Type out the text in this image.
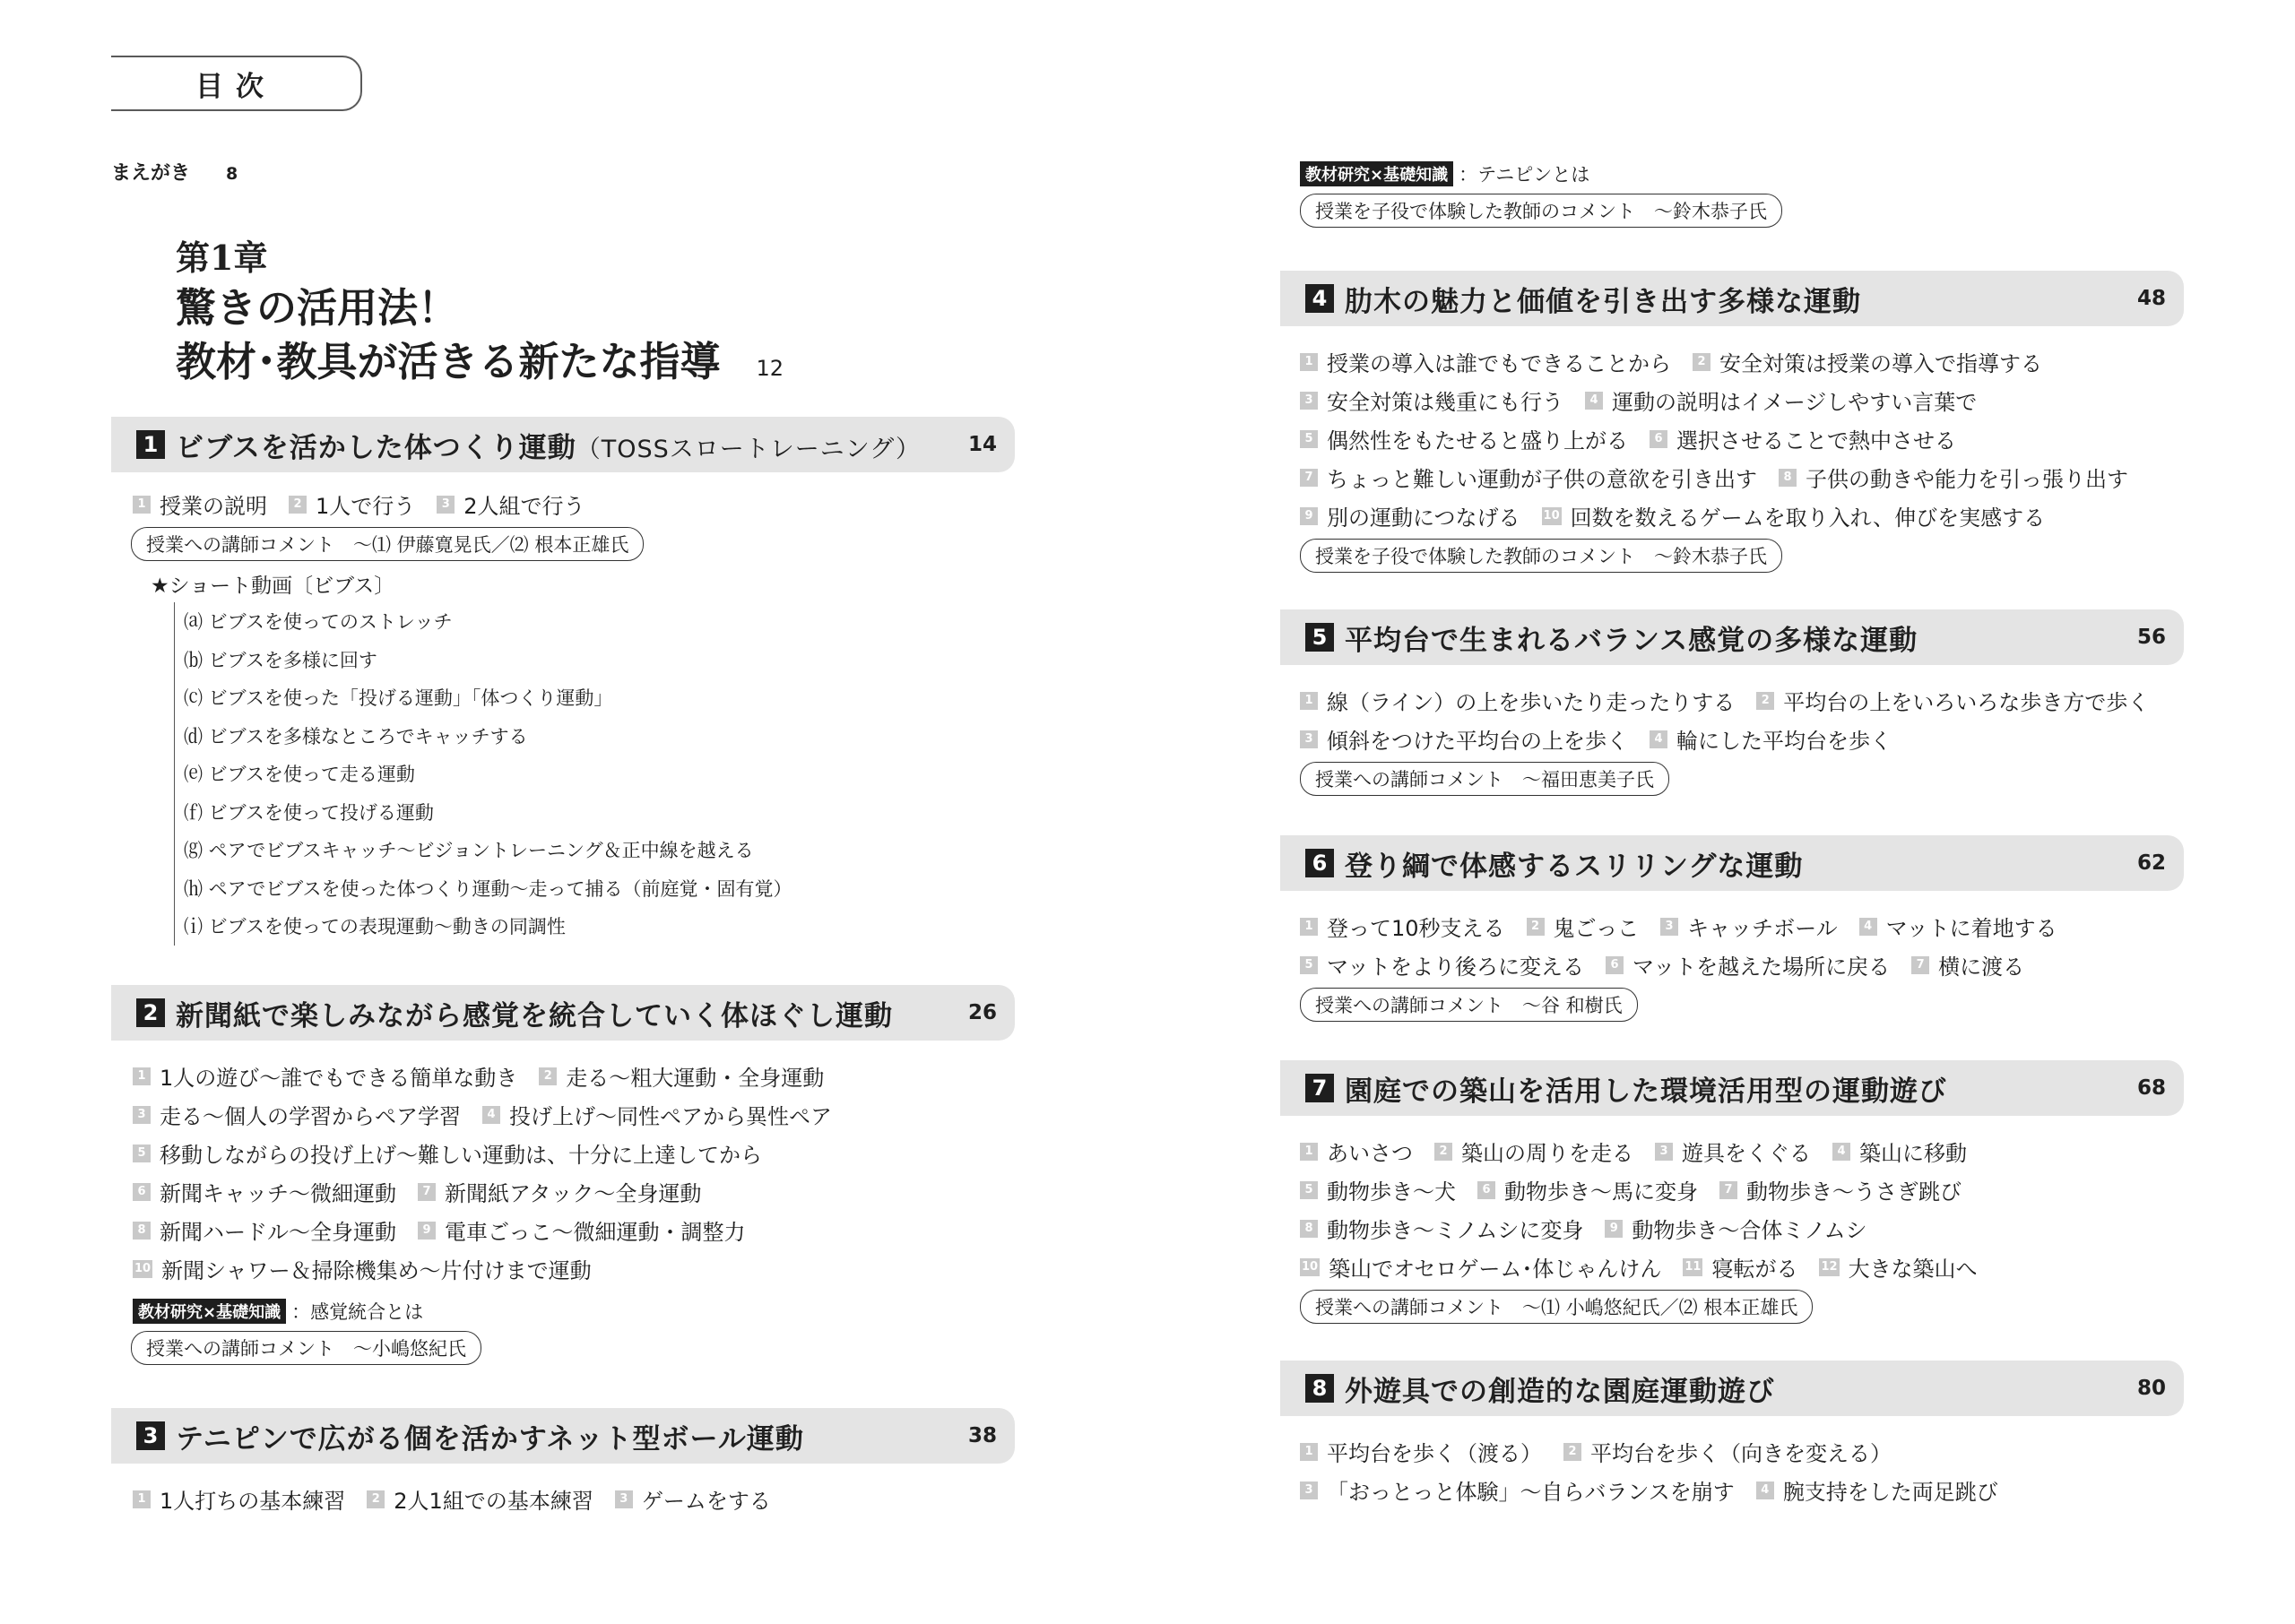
目次
まえがき 8
第1章
驚きの活用法！
教材･教具が活きる新たな指導 12
1 ビブスを活かした体つくり運動（TOSSスロートレーニング） 14
1 授業の説明	2 1人で行う	3 2人組で行う
授業への講師コメント　～⑴ 伊藤寛晃氏／⑵ 根本正雄氏
★ショート動画〔ビブス〕
⒜ ビブスを使ってのストレッチ
⒝ ビブスを多様に回す
⒞ ビブスを使った「投げる運動」「体つくり運動」
⒟ ビブスを多様なところでキャッチする
⒠ ビブスを使って走る運動
⒡ ビブスを使って投げる運動
⒢ ペアでビブスキャッチ～ビジョントレーニング＆正中線を越える
⒣ ペアでビブスを使った体つくり運動～走って捕る（前庭覚・固有覚）
⒤ ビブスを使っての表現運動～動きの同調性
2 新聞紙で楽しみながら感覚を統合していく体ほぐし運動	26
1 1人の遊び～誰でもできる簡単な動き	2 走る～粗大運動・全身運動
3 走る～個人の学習からペア学習	4 投げ上げ～同性ペアから異性ペア
5 移動しながらの投げ上げ～難しい運動は、十分に上達してから
6 新聞キャッチ～微細運動	7 新聞紙アタック～全身運動
8 新聞ハードル～全身運動	9 電車ごっこ～微細運動・調整力
10 新聞シャワー＆掃除機集め～片付けまで運動
教材研究×基礎知識 ：感覚統合とは
授業への講師コメント　～小嶋悠紀氏
3 テニピンで広がる個を活かすネット型ボール運動	38
1 1人打ちの基本練習	2 2人1組での基本練習	3 ゲームをする
教材研究×基礎知識 ：テニピンとは
授業を子役で体験した教師のコメント　～鈴木恭子氏
4 肋木の魅力と価値を引き出す多様な運動	48
1 授業の導入は誰でもできることから	2 安全対策は授業の導入で指導する
3 安全対策は幾重にも行う	4 運動の説明はイメージしやすい言葉で
5 偶然性をもたせると盛り上がる	6 選択させることで熱中させる
7 ちょっと難しい運動が子供の意欲を引き出す	8 子供の動きや能力を引っ張り出す
9 別の運動につなげる 10 回数を数えるゲームを取り入れ、伸びを実感する
授業を子役で体験した教師のコメント　～鈴木恭子氏
5 平均台で生まれるバランス感覚の多様な運動	56
1 線（ライン）の上を歩いたり走ったりする	2 平均台の上をいろいろな歩き方で歩く
3 傾斜をつけた平均台の上を歩く	4 輪にした平均台を歩く
授業への講師コメント　～福田恵美子氏
6 登り綱で体感するスリリングな運動	62
1 登って10秒支える	2 鬼ごっこ	3 キャッチボール	4 マットに着地する
5 マットをより後ろに変える	6 マットを越えた場所に戻る	7 横に渡る
授業への講師コメント　～谷 和樹氏
7 園庭での築山を活用した環境活用型の運動遊び	68
1 あいさつ	2 築山の周りを走る	3 遊具をくぐる	4 築山に移動
5 動物歩き～犬	6 動物歩き～馬に変身	7 動物歩き～うさぎ跳び
8 動物歩き～ミノムシに変身	9 動物歩き～合体ミノムシ
10 築山でオセロゲーム･体じゃんけん 11 寝転がる 12 大きな築山へ
授業への講師コメント　～⑴ 小嶋悠紀氏／⑵ 根本正雄氏
8 外遊具での創造的な園庭運動遊び	80
1 平均台を歩く（渡る）	2 平均台を歩く（向きを変える）
3 「おっとっと体験」～自らバランスを崩す	4 腕支持をした両足跳び
